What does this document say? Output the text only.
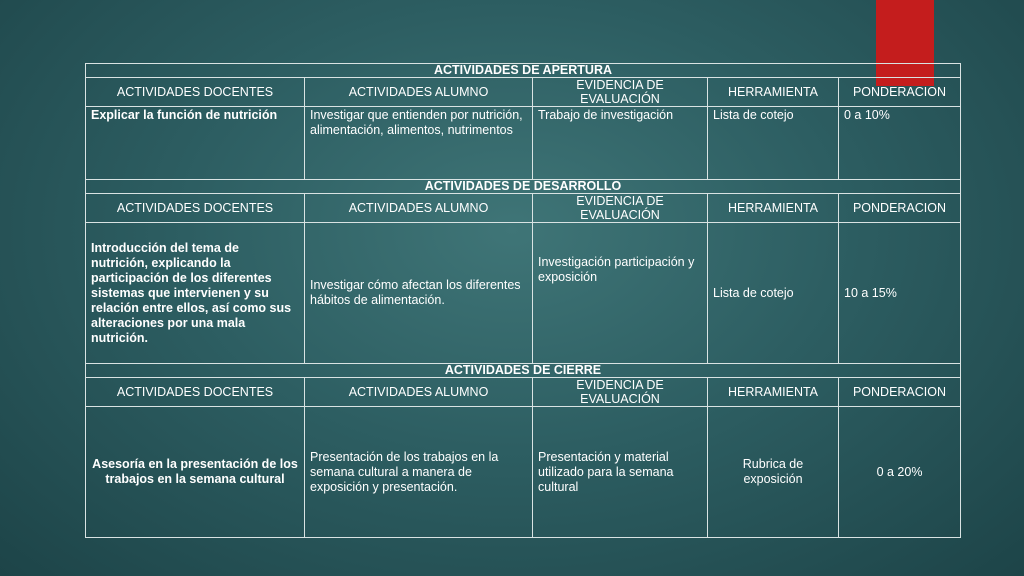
ACTIVIDADES DE APERTURA				
ACTIVIDADES DOCENTES	ACTIVIDADES ALUMNO	EVIDENCIA DE EVALUACIÓN	HERRAMIENTA	PONDERACION
Explicar la función de nutrición	Investigar que entienden por nutrición, alimentación, alimentos, nutrimentos	Trabajo de investigación	Lista de cotejo	0 a 10%
ACTIVIDADES DE DESARROLLO				
ACTIVIDADES DOCENTES	ACTIVIDADES ALUMNO	EVIDENCIA DE EVALUACIÓN	HERRAMIENTA	PONDERACION
Introducción del tema de nutrición, explicando la participación de los diferentes sistemas que intervienen y su relación entre ellos, así como sus alteraciones por una mala nutrición.	Investigar cómo afectan los diferentes hábitos de alimentación.	Investigación participación y exposición	Lista de cotejo	10 a 15%
ACTIVIDADES DE CIERRE				
ACTIVIDADES DOCENTES	ACTIVIDADES ALUMNO	EVIDENCIA DE EVALUACIÓN	HERRAMIENTA	PONDERACION
Asesoría en la presentación de los trabajos en la semana cultural	Presentación de los trabajos en la semana cultural a manera de exposición y presentación.	Presentación y material utilizado para la semana cultural	Rubrica de exposición	0 a 20%
